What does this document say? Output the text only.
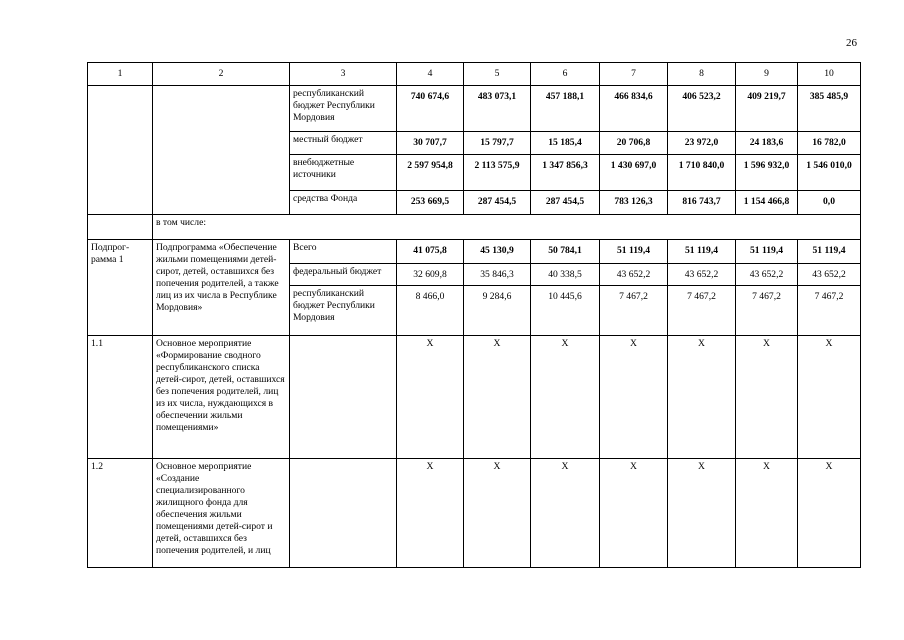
26
1	2	3	4	5	6	7	8	9	10
		республиканский бюджет Республики Мордовия	740 674,6	483 073,1	457 188,1	466 834,6	406 523,2	409 219,7	385 485,9
		местный бюджет	30 707,7	15 797,7	15 185,4	20 706,8	23 972,0	24 183,6	16 782,0
		внебюджетные источники	2 597 954,8	2 113 575,9	1 347 856,3	1 430 697,0	1 710 840,0	1 596 932,0	1 546 010,0
		средства Фонда	253 669,5	287 454,5	287 454,5	783 126,3	816 743,7	1 154 466,8	0,0
	в том числе:								
Подпрог-рамма 1	Подпрограмма «Обеспечение жильми помещениями детей-сирот, детей, оставшихся без попечения родителей, а также лиц из их числа в Республике Мордовия»	Всего	41 075,8	45 130,9	50 784,1	51 119,4	51 119,4	51 119,4	51 119,4
		федеральный бюджет	32 609,8	35 846,3	40 338,5	43 652,2	43 652,2	43 652,2	43 652,2
		республиканский бюджет Республики Мордовия	8 466,0	9 284,6	10 445,6	7 467,2	7 467,2	7 467,2	7 467,2
1.1	Основное мероприятие «Формирование сводного республиканского списка детей-сирот, детей, оставшихся без попечения родителей, лиц из их числа, нуждающихся в обеспечении жильми помещениями»		X	X	X	X	X	X	X
1.2	Основное мероприятие «Создание специализированного жилищного фонда для обеспечения жильми помещениями детей-сирот и детей, оставшихся без попечения родителей, и лиц		X	X	X	X	X	X	X
